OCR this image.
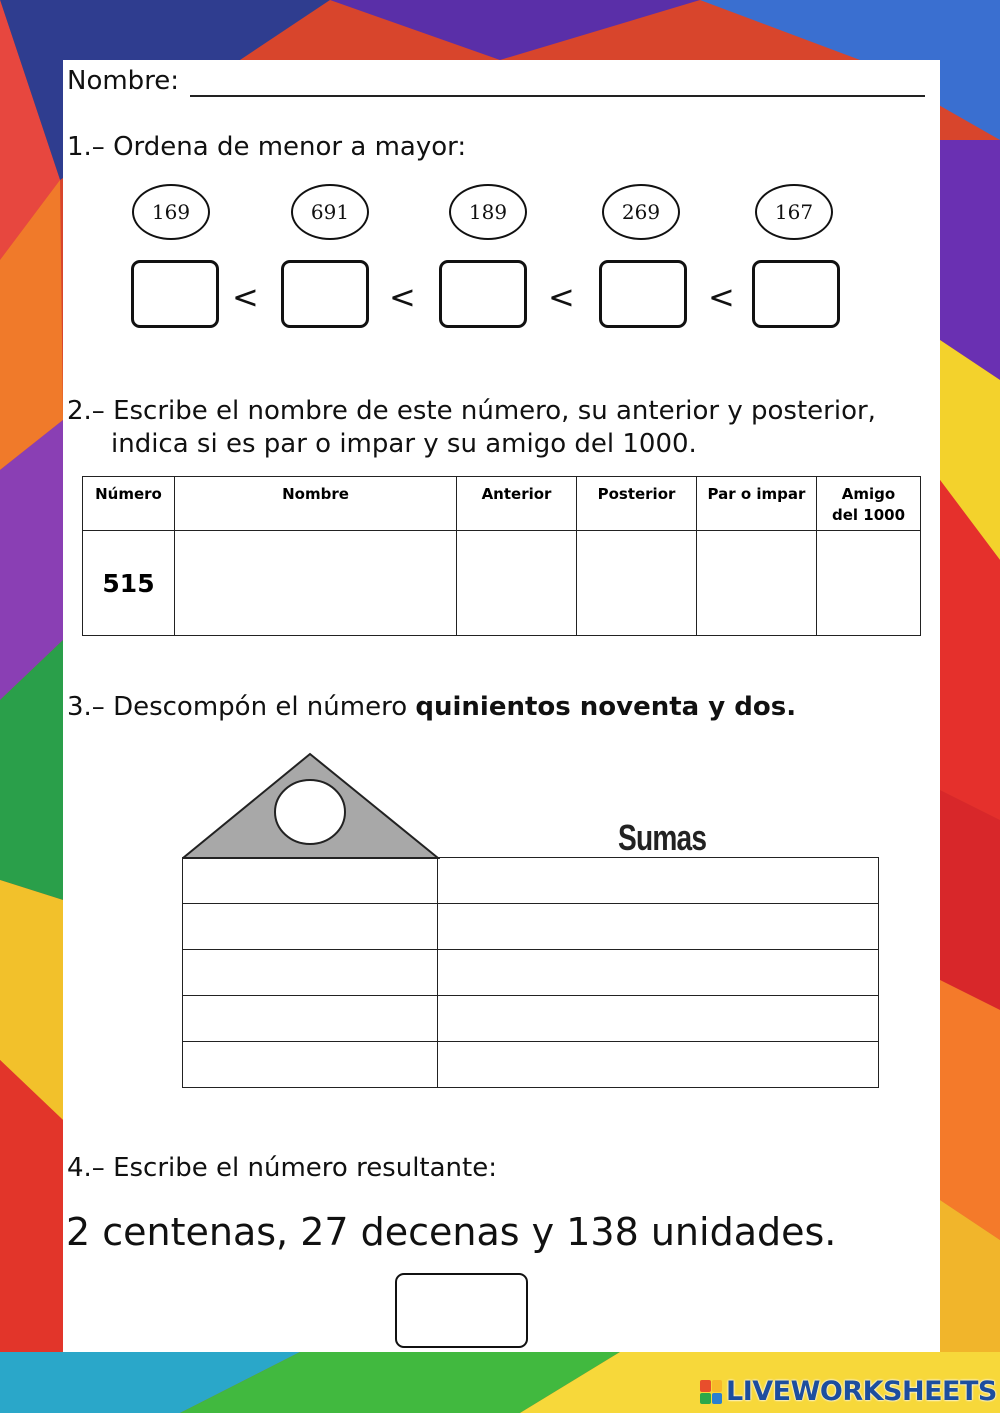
Nombre:
1.– Ordena de menor a mayor:
169	691	189	269	167
<	<	<	<
2.– Escribe el nombre de este número, su anterior y posterior,
indica si es par o impar y su amigo del 1000.
Número	Nombre	Anterior	Posterior	Par o impar	Amigo del 1000
515					
3.– Descompón el número quinientos noventa y dos.
Sumas

4.– Escribe el número resultante:
2 centenas, 27 decenas y 138 unidades.
LIVEWORKSHEETS
